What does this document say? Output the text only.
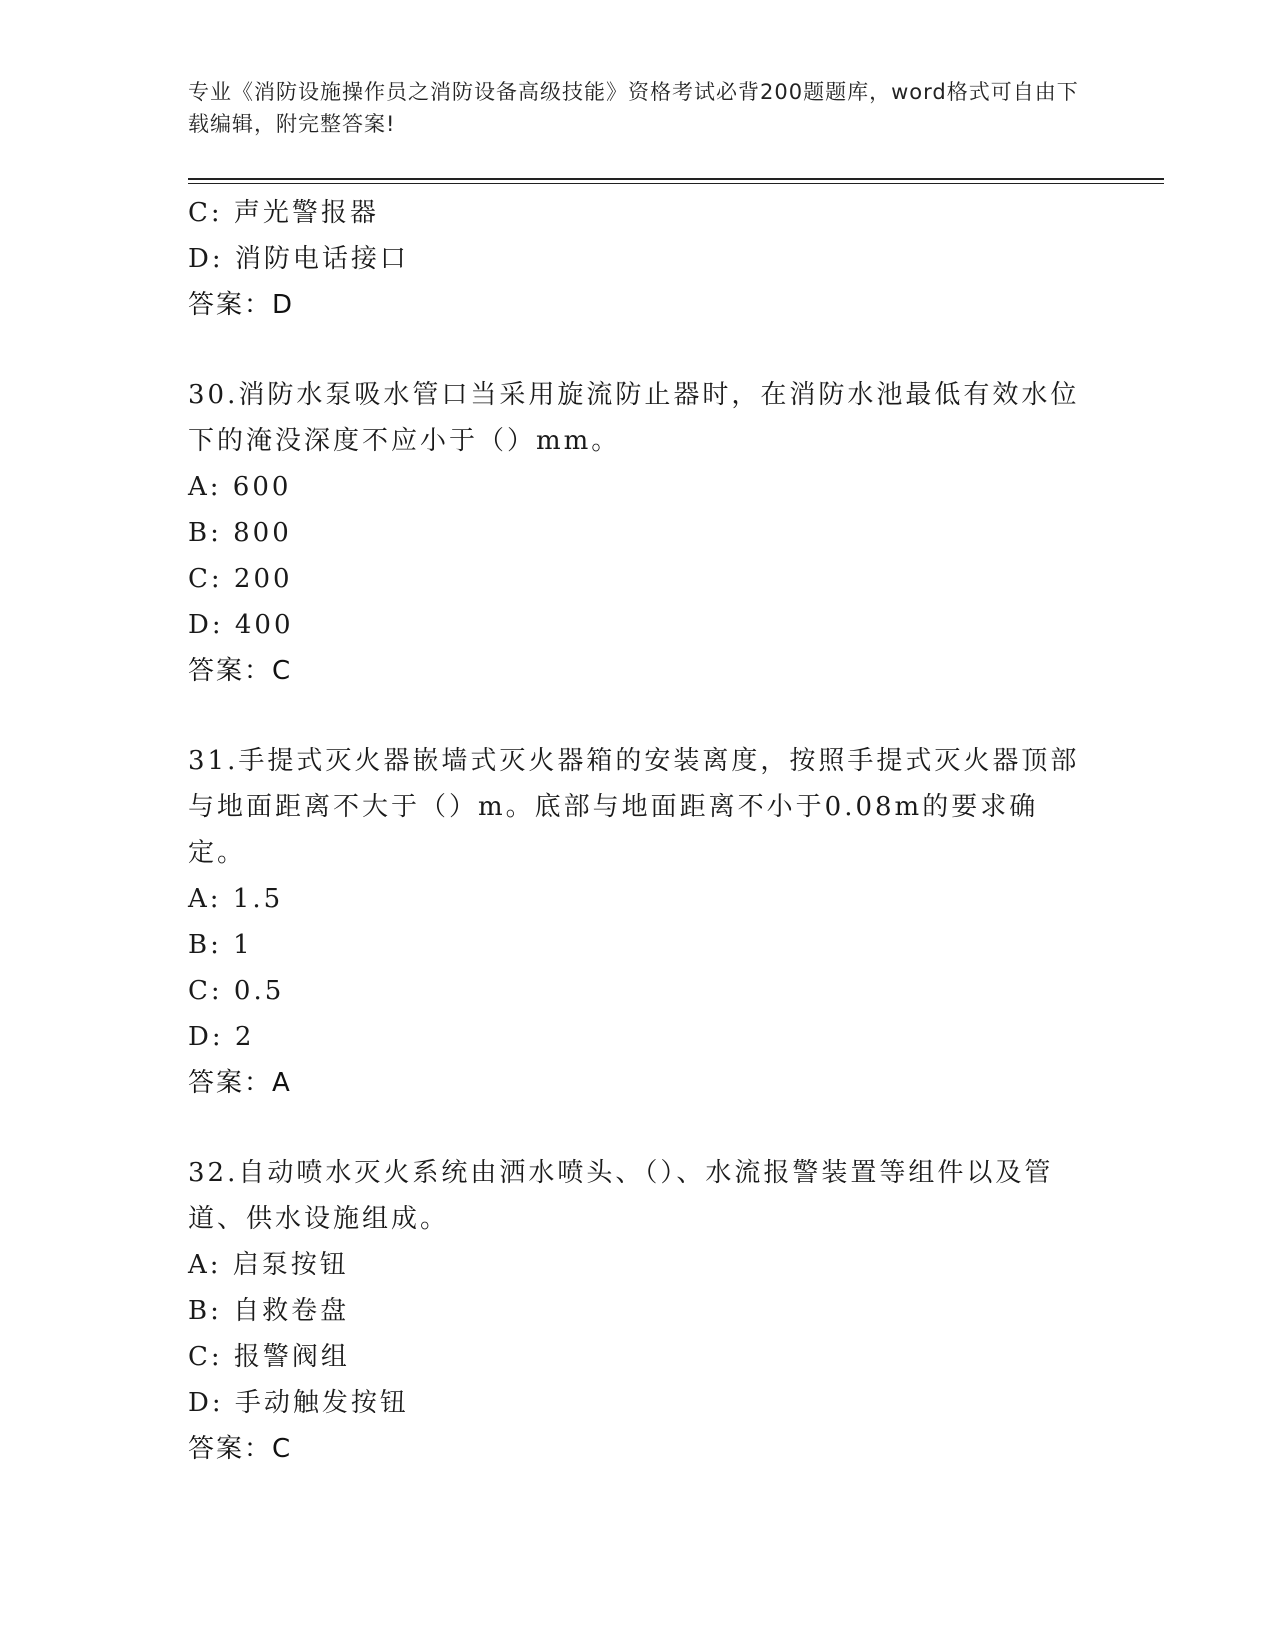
专业《消防设施操作员之消防设备高级技能》资格考试必背200题题库，word格式可自由下载编辑，附完整答案!
C: 声光警报器
D: 消防电话接口
答案：D
30.消防水泵吸水管口当采用旋流防止器时，在消防水池最低有效水位下的淹没深度不应小于（）mm。
A: 600
B: 800
C: 200
D: 400
答案：C
31.手提式灭火器嵌墙式灭火器箱的安装离度，按照手提式灭火器顶部与地面距离不大于（）m。底部与地面距离不小于0.08m的要求确定。
A: 1.5
B: 1
C: 0.5
D: 2
答案：A
32.自动喷水灭火系统由洒水喷头、（）、水流报警装置等组件以及管道、供水设施组成。
A: 启泵按钮
B: 自救卷盘
C: 报警阀组
D: 手动触发按钮
答案：C
